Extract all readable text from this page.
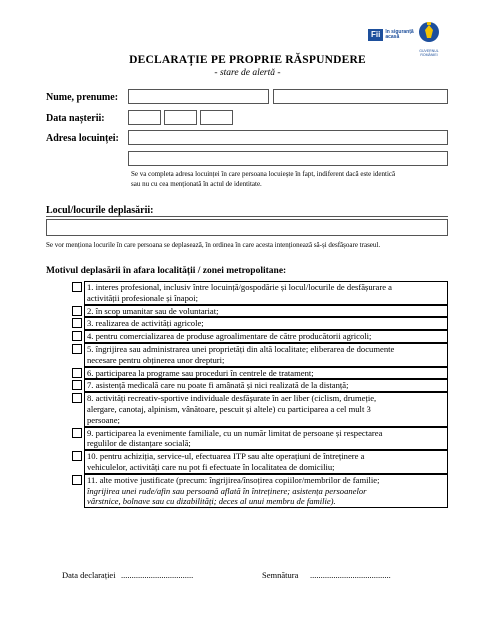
Fii	în siguranță
acasă
GUVERNUL
ROMÂNIEI
DECLARAȚIE PE PROPRIE RĂSPUNDERE
- stare de alertă -
Nume, prenume:
Data nașterii:
Adresa locuinței:
Se va completa adresa locuinței în care persoana locuiește în fapt, indiferent dacă este identică
sau nu cu cea menționată în actul de identitate.
Locul/locurile deplasării:
Se vor menționa locurile în care persoana se deplasează, în ordinea în care acesta intenționează să-și desfășoare traseul.
Motivul deplasării în afara localității / zonei metropolitane:
1. interes profesional, inclusiv între locuință/gospodărie și locul/locurile de desfășurare a
activității profesionale și înapoi;
2. în scop umanitar sau de voluntariat;
3. realizarea de activități agricole;
4. pentru comercializarea de produse agroalimentare de către producătorii agricoli;
5. îngrijirea sau administrarea unei proprietăți din altă localitate; eliberarea de documente
necesare pentru obținerea unor drepturi;
6. participarea la programe sau proceduri în centrele de tratament;
7. asistență medicală care nu poate fi amânată și nici realizată de la distanță;
8. activități recreativ-sportive individuale desfășurate în aer liber (ciclism, drumeție,
alergare, canotaj, alpinism, vânătoare, pescuit și altele) cu participarea a cel mult 3
persoane;
9. participarea la evenimente familiale, cu un număr limitat de persoane și respectarea
regulilor de distanțare socială;
10. pentru achiziția, service-ul, efectuarea ITP sau alte operațiuni de întreținere a
vehiculelor, activități care nu pot fi efectuate în localitatea de domiciliu;
11. alte motive justificate (precum: îngrijirea/însoțirea copiilor/membrilor de familie;
îngrijirea unei rude/afin sau persoană aflată în întreținere; asistența persoanelor
vârstnice, bolnave sau cu dizabilități; deces al unui membru de familie).
Data declarației ..................................	Semnătura ......................................
